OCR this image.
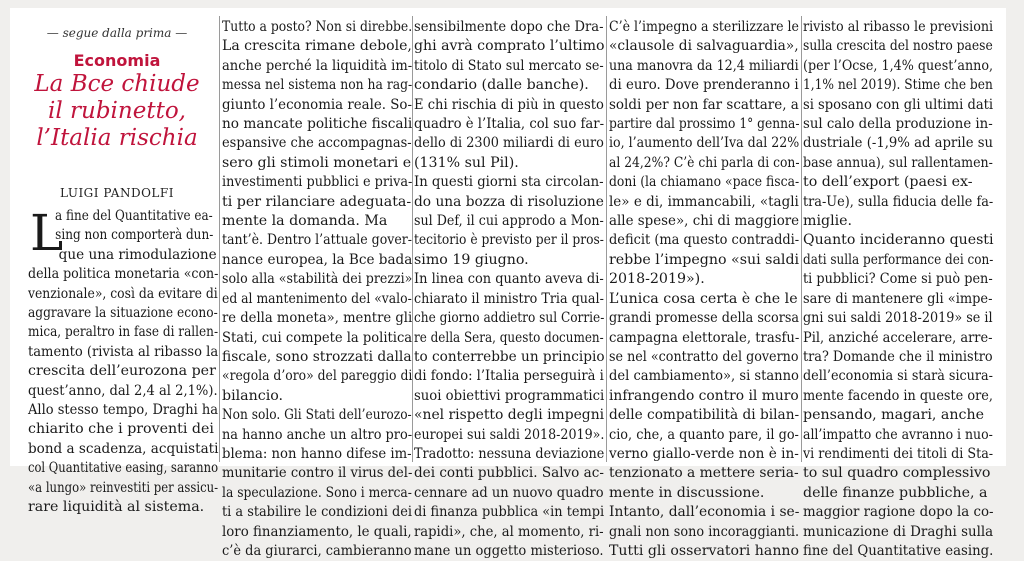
— segue dalla prima —
Economia
La Bce chiude
il rubinetto,
l’Italia rischia
LUIGI PANDOLFI
L

a fine del Quantitative ea-

sing non comporterà dun-

que una rimodulazione

della politica monetaria «con-

venzionale», così da evitare di

aggravare la situazione econo-

mica, peraltro in fase di rallen-

tamento (rivista al ribasso la

crescita dell’eurozona per

quest’anno, dal 2,4 al 2,1%).

Allo stesso tempo, Draghi ha

chiarito che i proventi dei

bond a scadenza, acquistati

col Quantitative easing, saranno

«a lungo» reinvestiti per assicu-

rare liquidità al sistema.

Tutto a posto? Non si direbbe.

La crescita rimane debole,

anche perché la liquidità im-

messa nel sistema non ha rag-

giunto l’economia reale. So-

no mancate politiche fiscali

espansive che accompagnas-

sero gli stimoli monetari e

investimenti pubblici e priva-

ti per rilanciare adeguata-

mente la domanda. Ma

tant’è. Dentro l’attuale gover-

nance europea, la Bce bada

solo alla «stabilità dei prezzi»

ed al mantenimento del «valo-

re della moneta», mentre gli

Stati, cui compete la politica

fiscale, sono strozzati dalla

«regola d’oro» del pareggio di

bilancio.

Non solo. Gli Stati dell’eurozo-

na hanno anche un altro pro-

blema: non hanno difese im-

munitarie contro il virus del-

la speculazione. Sono i merca-

ti a stabilire le condizioni dei

loro finanziamento, le quali,

c’è da giurarci, cambieranno

sensibilmente dopo che Dra-

ghi avrà comprato l’ultimo

titolo di Stato sul mercato se-

condario (dalle banche).

E chi rischia di più in questo

quadro è l’Italia, col suo far-

dello di 2300 miliardi di euro

(131% sul Pil).

In questi giorni sta circolan-

do una bozza di risoluzione

sul Def, il cui approdo a Mon-

tecitorio è previsto per il pros-

simo 19 giugno.

In linea con quanto aveva di-

chiarato il ministro Tria qual-

che giorno addietro sul Corrie-

re della Sera, questo documen-

to conterrebbe un principio

di fondo: l’Italia perseguirà i

suoi obiettivi programmatici

«nel rispetto degli impegni

europei sui saldi 2018-2019».

Tradotto: nessuna deviazione

dei conti pubblici. Salvo ac-

cennare ad un nuovo quadro

di finanza pubblica «in tempi

rapidi», che, al momento, ri-

mane un oggetto misterioso.

C’è l’impegno a sterilizzare le

«clausole di salvaguardia»,

una manovra da 12,4 miliardi

di euro. Dove prenderanno i

soldi per non far scattare, a

partire dal prossimo 1° genna-

io, l’aumento dell’Iva dal 22%

al 24,2%? C’è chi parla di con-

doni (la chiamano «pace fisca-

le» e di, immancabili, «tagli

alle spese», chi di maggiore

deficit (ma questo contraddi-

rebbe l’impegno «sui saldi

2018-2019»).

L’unica cosa certa è che le

grandi promesse della scorsa

campagna elettorale, trasfu-

se nel «contratto del governo

del cambiamento», si stanno

infrangendo contro il muro

delle compatibilità di bilan-

cio, che, a quanto pare, il go-

verno giallo-verde non è in-

tenzionato a mettere seria-

mente in discussione.

Intanto, dall’economia i se-

gnali non sono incoraggianti.

Tutti gli osservatori hanno

rivisto al ribasso le previsioni

sulla crescita del nostro paese

(per l’Ocse, 1,4% quest’anno,

1,1% nel 2019). Stime che ben

si sposano con gli ultimi dati

sul calo della produzione in-

dustriale (-1,9% ad aprile su

base annua), sul rallentamen-

to dell’export (paesi ex-

tra-Ue), sulla fiducia delle fa-

miglie.

Quanto incideranno questi

dati sulla performance dei con-

ti pubblici? Come si può pen-

sare di mantenere gli «impe-

gni sui saldi 2018-2019» se il

Pil, anziché accelerare, arre-

tra? Domande che il ministro

dell’economia si starà sicura-

mente facendo in queste ore,

pensando, magari, anche

all’impatto che avranno i nuo-

vi rendimenti dei titoli di Sta-

to sul quadro complessivo

delle finanze pubbliche, a

maggior ragione dopo la co-

municazione di Draghi sulla

fine del Quantitative easing.
